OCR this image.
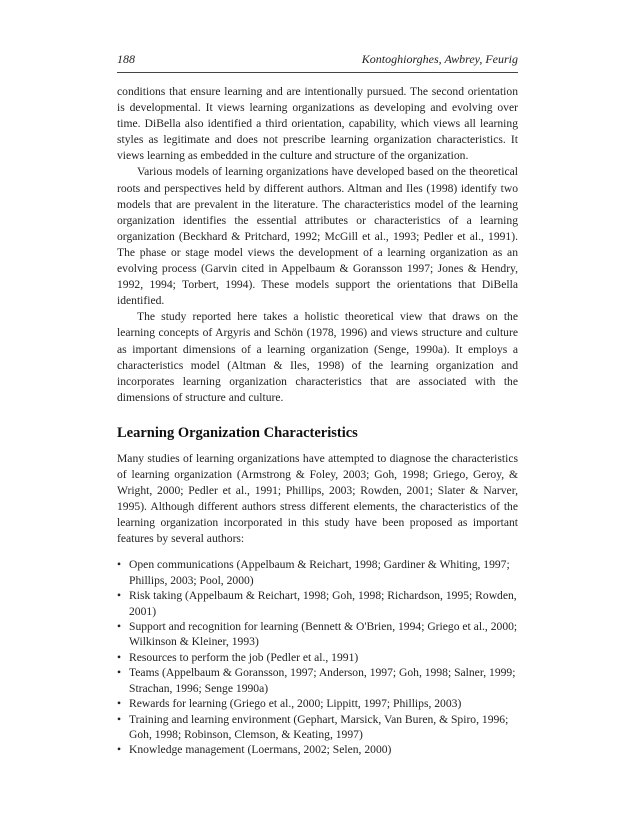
188	Kontoghiorghes, Awbrey, Feurig

conditions that ensure learning and are intentionally pursued. The second orientation is developmental. It views learning organizations as developing and evolving over time. DiBella also identified a third orientation, capability, which views all learning styles as legitimate and does not prescribe learning organization characteristics. It views learning as embedded in the culture and structure of the organization.

Various models of learning organizations have developed based on the theoretical roots and perspectives held by different authors. Altman and Iles (1998) identify two models that are prevalent in the literature. The characteristics model of the learning organization identifies the essential attributes or characteristics of a learning organization (Beckhard & Pritchard, 1992; McGill et al., 1993; Pedler et al., 1991). The phase or stage model views the development of a learning organization as an evolving process (Garvin cited in Appelbaum & Goransson 1997; Jones & Hendry, 1992, 1994; Torbert, 1994). These models support the orientations that DiBella identified.

The study reported here takes a holistic theoretical view that draws on the learning concepts of Argyris and Schön (1978, 1996) and views structure and culture as important dimensions of a learning organization (Senge, 1990a). It employs a characteristics model (Altman & Iles, 1998) of the learning organization and incorporates learning organization characteristics that are associated with the dimensions of structure and culture.

Learning Organization Characteristics

Many studies of learning organizations have attempted to diagnose the characteristics of learning organization (Armstrong & Foley, 2003; Goh, 1998; Griego, Geroy, & Wright, 2000; Pedler et al., 1991; Phillips, 2003; Rowden, 2001; Slater & Narver, 1995). Although different authors stress different elements, the characteristics of the learning organization incorporated in this study have been proposed as important features by several authors:

• Open communications (Appelbaum & Reichart, 1998; Gardiner & Whiting, 1997; Phillips, 2003; Pool, 2000)
• Risk taking (Appelbaum & Reichart, 1998; Goh, 1998; Richardson, 1995; Rowden, 2001)
• Support and recognition for learning (Bennett & O'Brien, 1994; Griego et al., 2000; Wilkinson & Kleiner, 1993)
• Resources to perform the job (Pedler et al., 1991)
• Teams (Appelbaum & Goransson, 1997; Anderson, 1997; Goh, 1998; Salner, 1999; Strachan, 1996; Senge 1990a)
• Rewards for learning (Griego et al., 2000; Lippitt, 1997; Phillips, 2003)
• Training and learning environment (Gephart, Marsick, Van Buren, & Spiro, 1996; Goh, 1998; Robinson, Clemson, & Keating, 1997)
• Knowledge management (Loermans, 2002; Selen, 2000)
